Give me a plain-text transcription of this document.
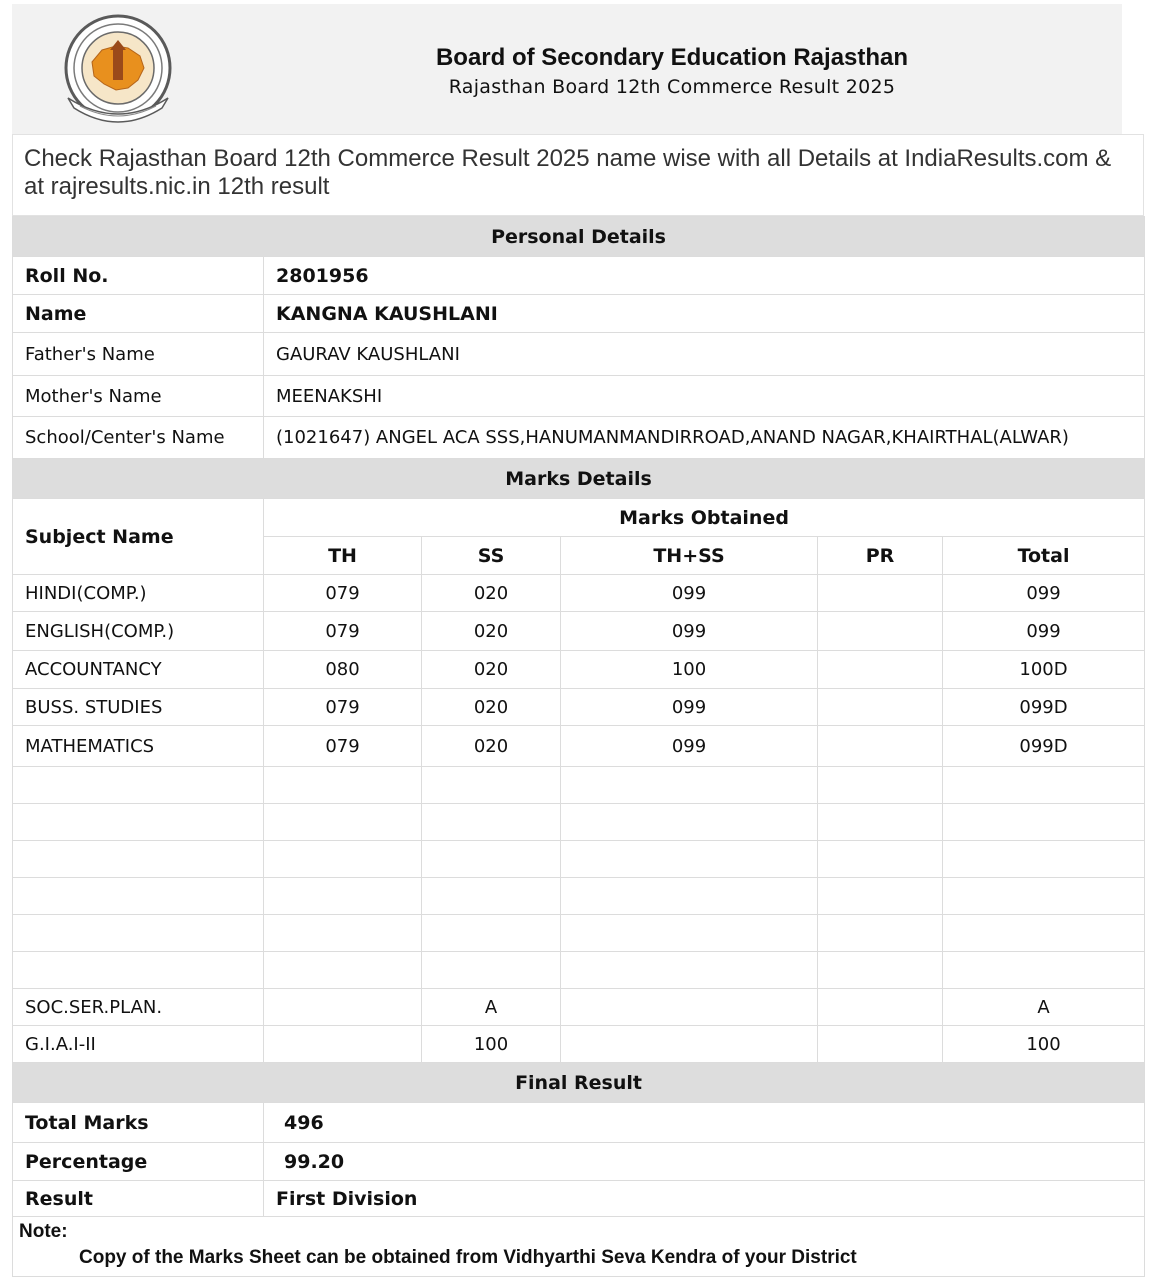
Board of Secondary Education Rajasthan
Rajasthan Board 12th Commerce Result 2025
Check Rajasthan Board 12th Commerce Result 2025 name wise with all Details at IndiaResults.com & at rajresults.nic.in 12th result
Personal Details					
Roll No.	2801956				
Name	KANGNA KAUSHLANI				
Father's Name	GAURAV KAUSHLANI				
Mother's Name	MEENAKSHI				
School/Center's Name	(1021647) ANGEL ACA SSS,HANUMANMANDIRROAD,ANAND NAGAR,KHAIRTHAL(ALWAR)				
Marks Details					
Subject Name	Marks Obtained				
	TH	SS	TH+SS	PR	Total
HINDI(COMP.)	079	020	099		099
ENGLISH(COMP.)	079	020	099		099
ACCOUNTANCY	080	020	100		100D
BUSS. STUDIES	079	020	099		099D
MATHEMATICS	079	020	099		099D

SOC.SER.PLAN.		A			A
G.I.A.I-II		100			100
Final Result					
Total Marks	496				
Percentage	99.20				
Result	First Division				

Note:
Copy of the Marks Sheet can be obtained from Vidhyarthi Seva Kendra of your District					
